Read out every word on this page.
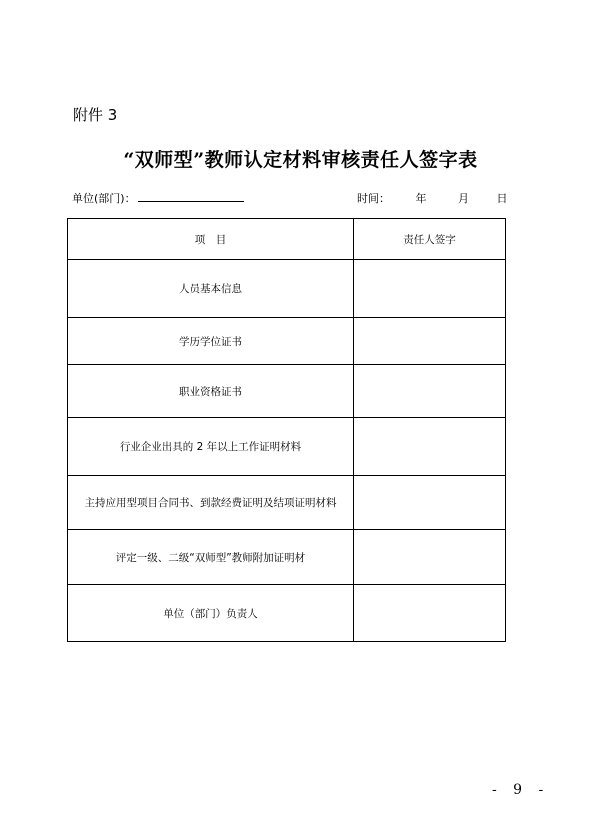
附件 3
“双师型”教师认定材料审核责任人签字表
单位(部门)：	时间： 年	月	日
项　目	责任人签字
人员基本信息	
学历学位证书	
职业资格证书	
行业企业出具的 2 年以上工作证明材料	
主持应用型项目合同书、到款经费证明及结项证明材料	
评定一级、二级“双师型”教师附加证明材	
单位（部门）负责人	
- 9 -
